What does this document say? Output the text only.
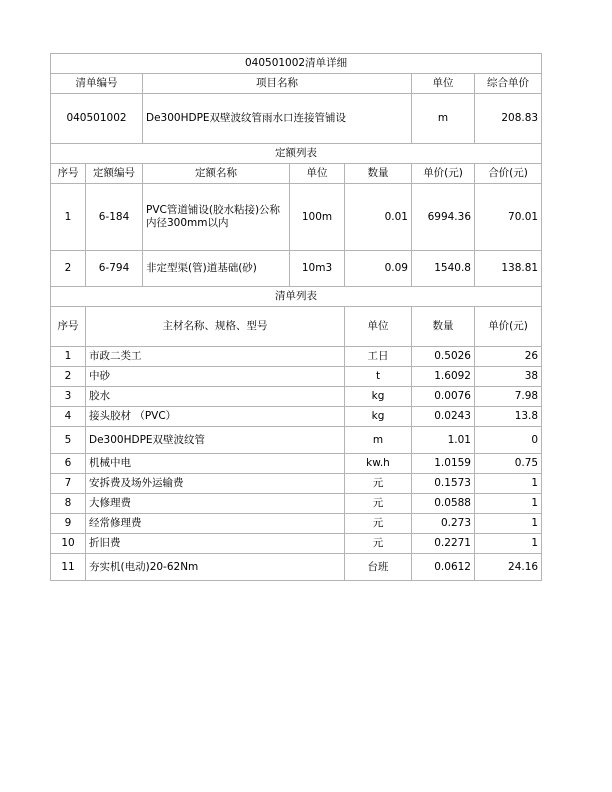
040501002清单详细							
清单编号		项目名称			单位	综合单价	
040501002		De300HDPE双壁波纹管雨水口连接管铺设			m	208.83	
定额列表							
序号	定额编号	定额名称	单位	数量	单价(元)	合价(元)	
1	6-184	PVC管道铺设(胶水粘接)公称内径300mm以内	100m	0.01	6994.36	70.01	
2	6-794	非定型渠(管)道基础(砂)	10m3	0.09	1540.8	138.81	
清单列表							
序号	主材名称、规格、型号			单位	数量	单价(元)	
1	市政二类工			工日	0.5026	26	
2	中砂			t	1.6092	38	
3	胶水			kg	0.0076	7.98	
4	接头胶材 （PVC）			kg	0.0243	13.8	
5	De300HDPE双壁波纹管			m	1.01	0	
6	机械中电			kw.h	1.0159	0.75	
7	安拆费及场外运输费			元	0.1573	1	
8	大修理费			元	0.0588	1	
9	经常修理费			元	0.273	1	
10	折旧费			元	0.2271	1	
11	夯实机(电动)20-62Nm			台班	0.0612	24.16	
